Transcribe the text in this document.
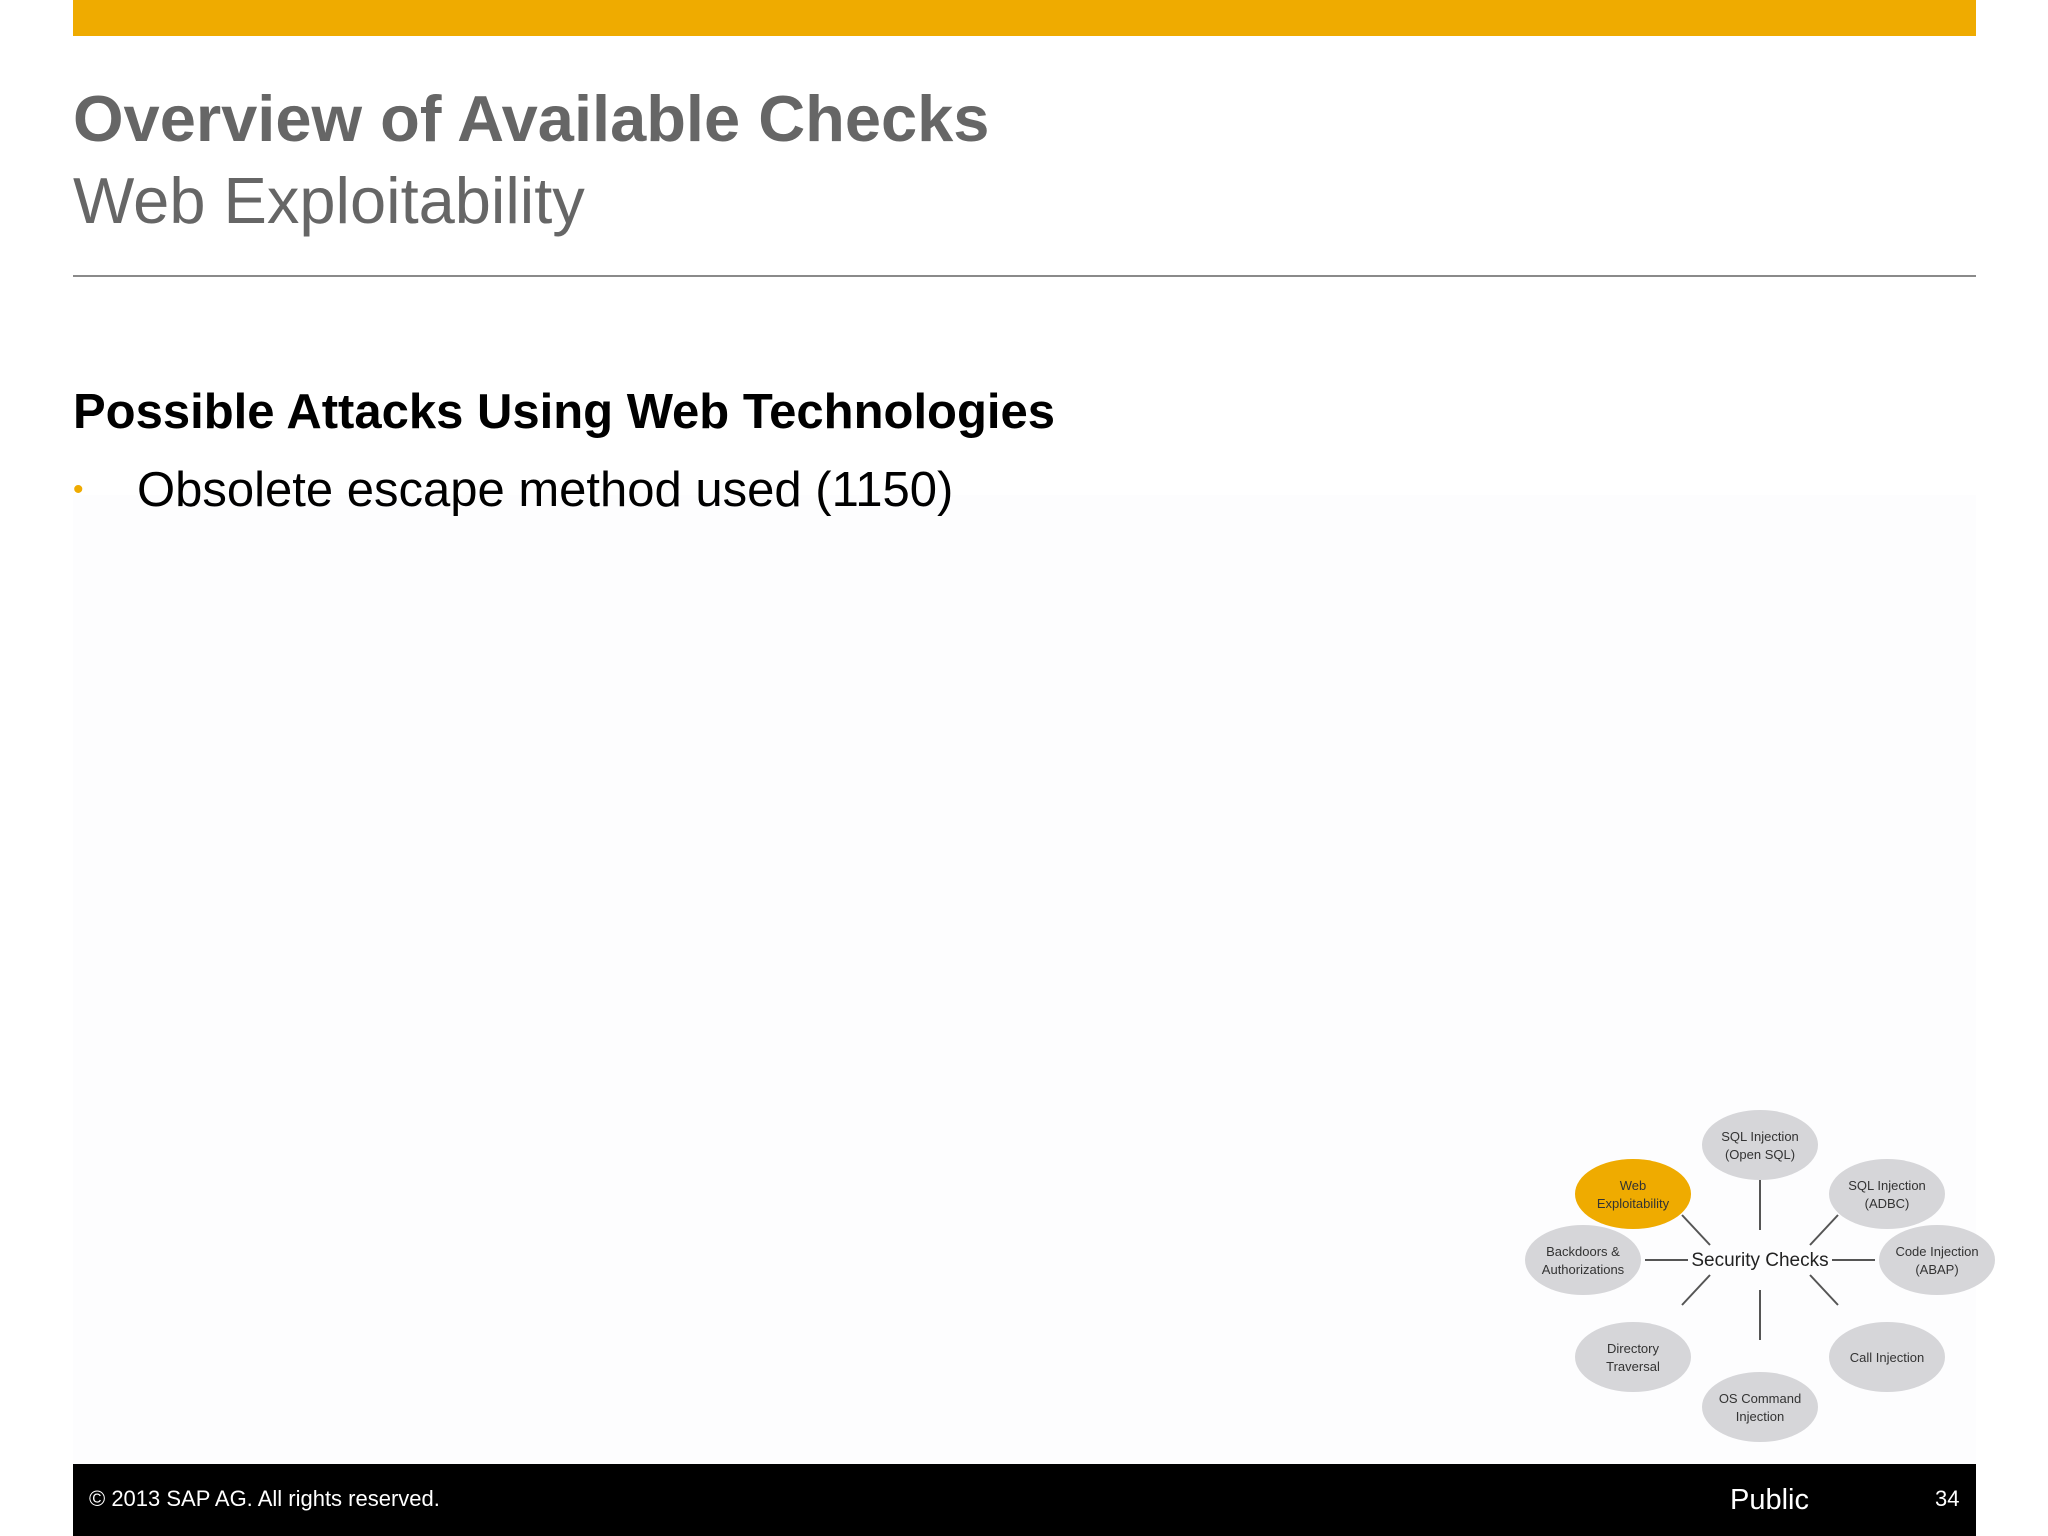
Overview of Available Checks
Web Exploitability
Possible Attacks Using Web Technologies
• Obsolete escape method used (1150)
SQL Injection
(Open SQL)
SQL Injection
(ADBC)
Code Injection
(ABAP)
Call Injection
OS Command
Injection
Directory
Traversal
Backdoors &
Authorizations
Web
Exploitability
Security Checks
© 2013 SAP AG. All rights reserved.	Public	34
